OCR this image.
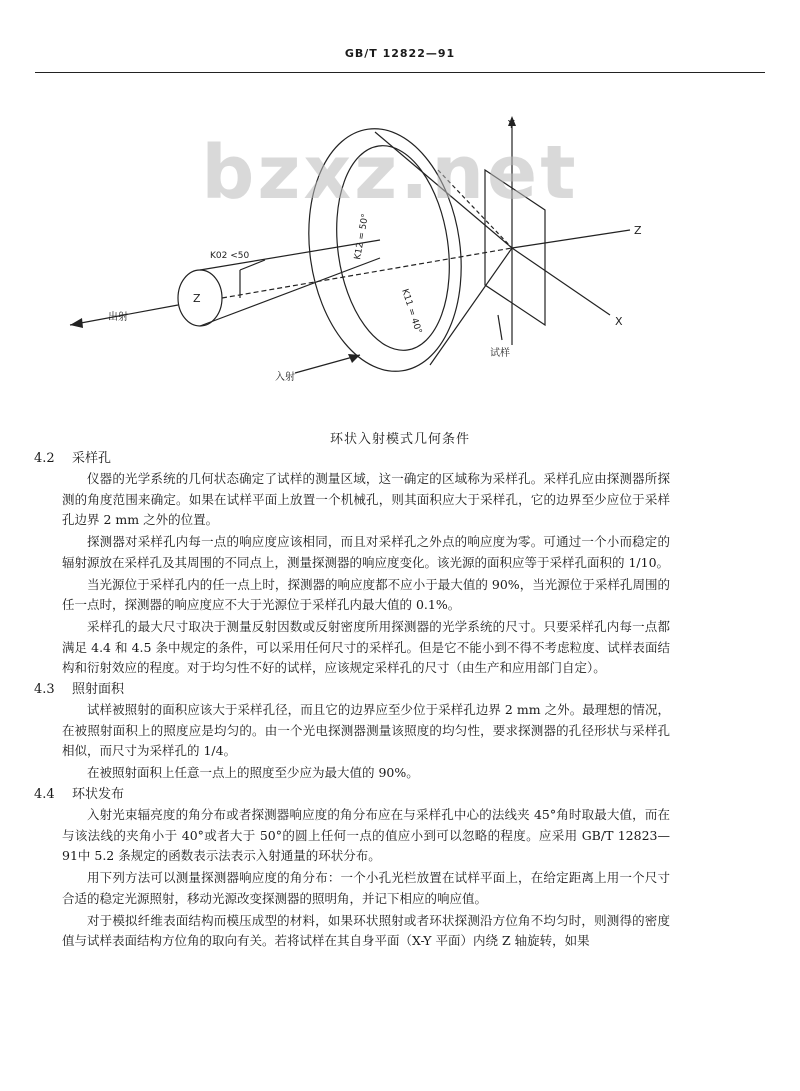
GB/T 12822—91
Y
Z
X
Z
K02 <50	K12 = 50°
K11 = 40°
出射
入射
试样
bzxz.net
环状入射模式几何条件
4.2 采样孔

仪器的光学系统的几何状态确定了试样的测量区域，这一确定的区域称为采样孔。采样孔应由探测器所探测的角度范围来确定。如果在试样平面上放置一个机械孔，则其面积应大于采样孔，它的边界至少应位于采样孔边界 2 mm 之外的位置。

探测器对采样孔内每一点的响应度应该相同，而且对采样孔之外点的响应度为零。可通过一个小而稳定的辐射源放在采样孔及其周围的不同点上，测量探测器的响应度变化。该光源的面积应等于采样孔面积的 1/10。

当光源位于采样孔内的任一点上时，探测器的响应度都不应小于最大值的 90%，当光源位于采样孔周围的任一点时，探测器的响应度应不大于光源位于采样孔内最大值的 0.1%。

采样孔的最大尺寸取决于测量反射因数或反射密度所用探测器的光学系统的尺寸。只要采样孔内每一点都满足 4.4 和 4.5 条中规定的条件，可以采用任何尺寸的采样孔。但是它不能小到不得不考虑粒度、试样表面结构和衍射效应的程度。对于均匀性不好的试样，应该规定采样孔的尺寸（由生产和应用部门自定）。

4.3 照射面积

试样被照射的面积应该大于采样孔径，而且它的边界应至少位于采样孔边界 2 mm 之外。最理想的情况，在被照射面积上的照度应是均匀的。由一个光电探测器测量该照度的均匀性，要求探测器的孔径形状与采样孔相似，而尺寸为采样孔的 1/4。

在被照射面积上任意一点上的照度至少应为最大值的 90%。

4.4 环状发布

入射光束辐亮度的角分布或者探测器响应度的角分布应在与采样孔中心的法线夹 45°角时取最大值，而在与该法线的夹角小于 40°或者大于 50°的圆上任何一点的值应小到可以忽略的程度。应采用 GB/T 12823—91中 5.2 条规定的函数表示法表示入射通量的环状分布。

用下列方法可以测量探测器响应度的角分布：一个小孔光栏放置在试样平面上，在给定距离上用一个尺寸合适的稳定光源照射，移动光源改变探测器的照明角，并记下相应的响应值。

对于模拟纤维表面结构而模压成型的材料，如果环状照射或者环状探测沿方位角不均匀时，则测得的密度值与试样表面结构方位角的取向有关。若将试样在其自身平面（X-Y 平面）内绕 Z 轴旋转，如果
